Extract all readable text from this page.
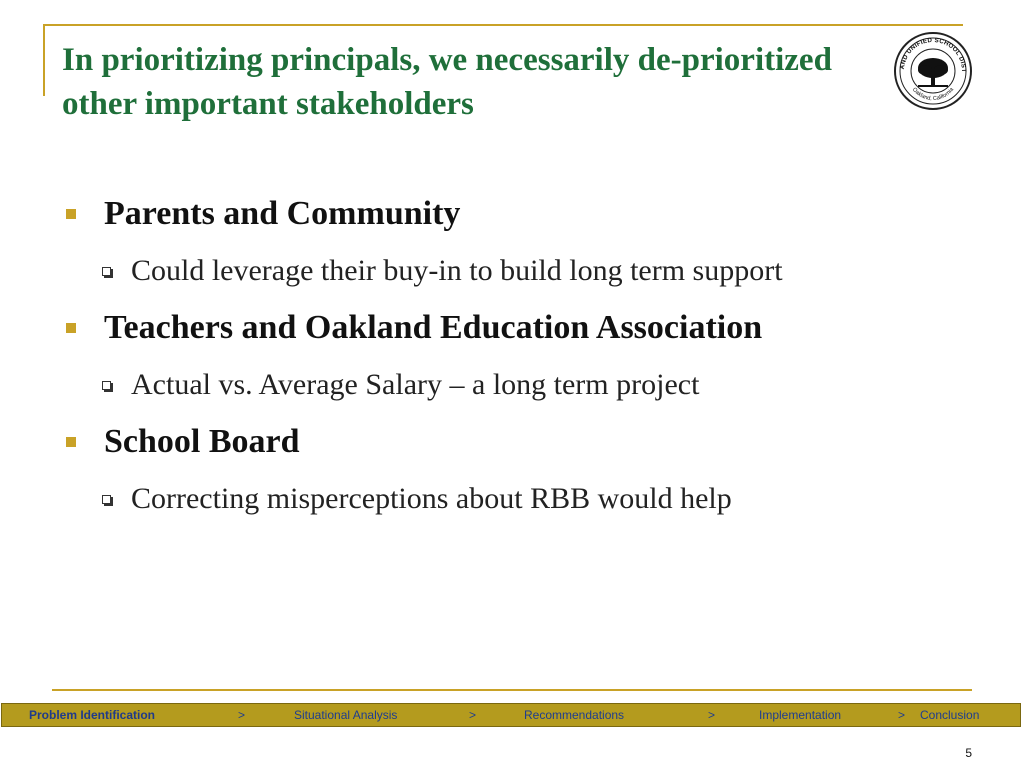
In prioritizing principals, we necessarily de-prioritized other important stakeholders
AND UNIFIED SCHOOL DIST
Oakland, California
Parents and Community
Could leverage their buy-in to build long term support
Teachers and Oakland Education Association
Actual vs. Average Salary – a long term project
School Board
Correcting misperceptions about RBB would help
Problem Identification	>	Situational Analysis	>	Recommendations	>	Implementation	> Conclusion
5
